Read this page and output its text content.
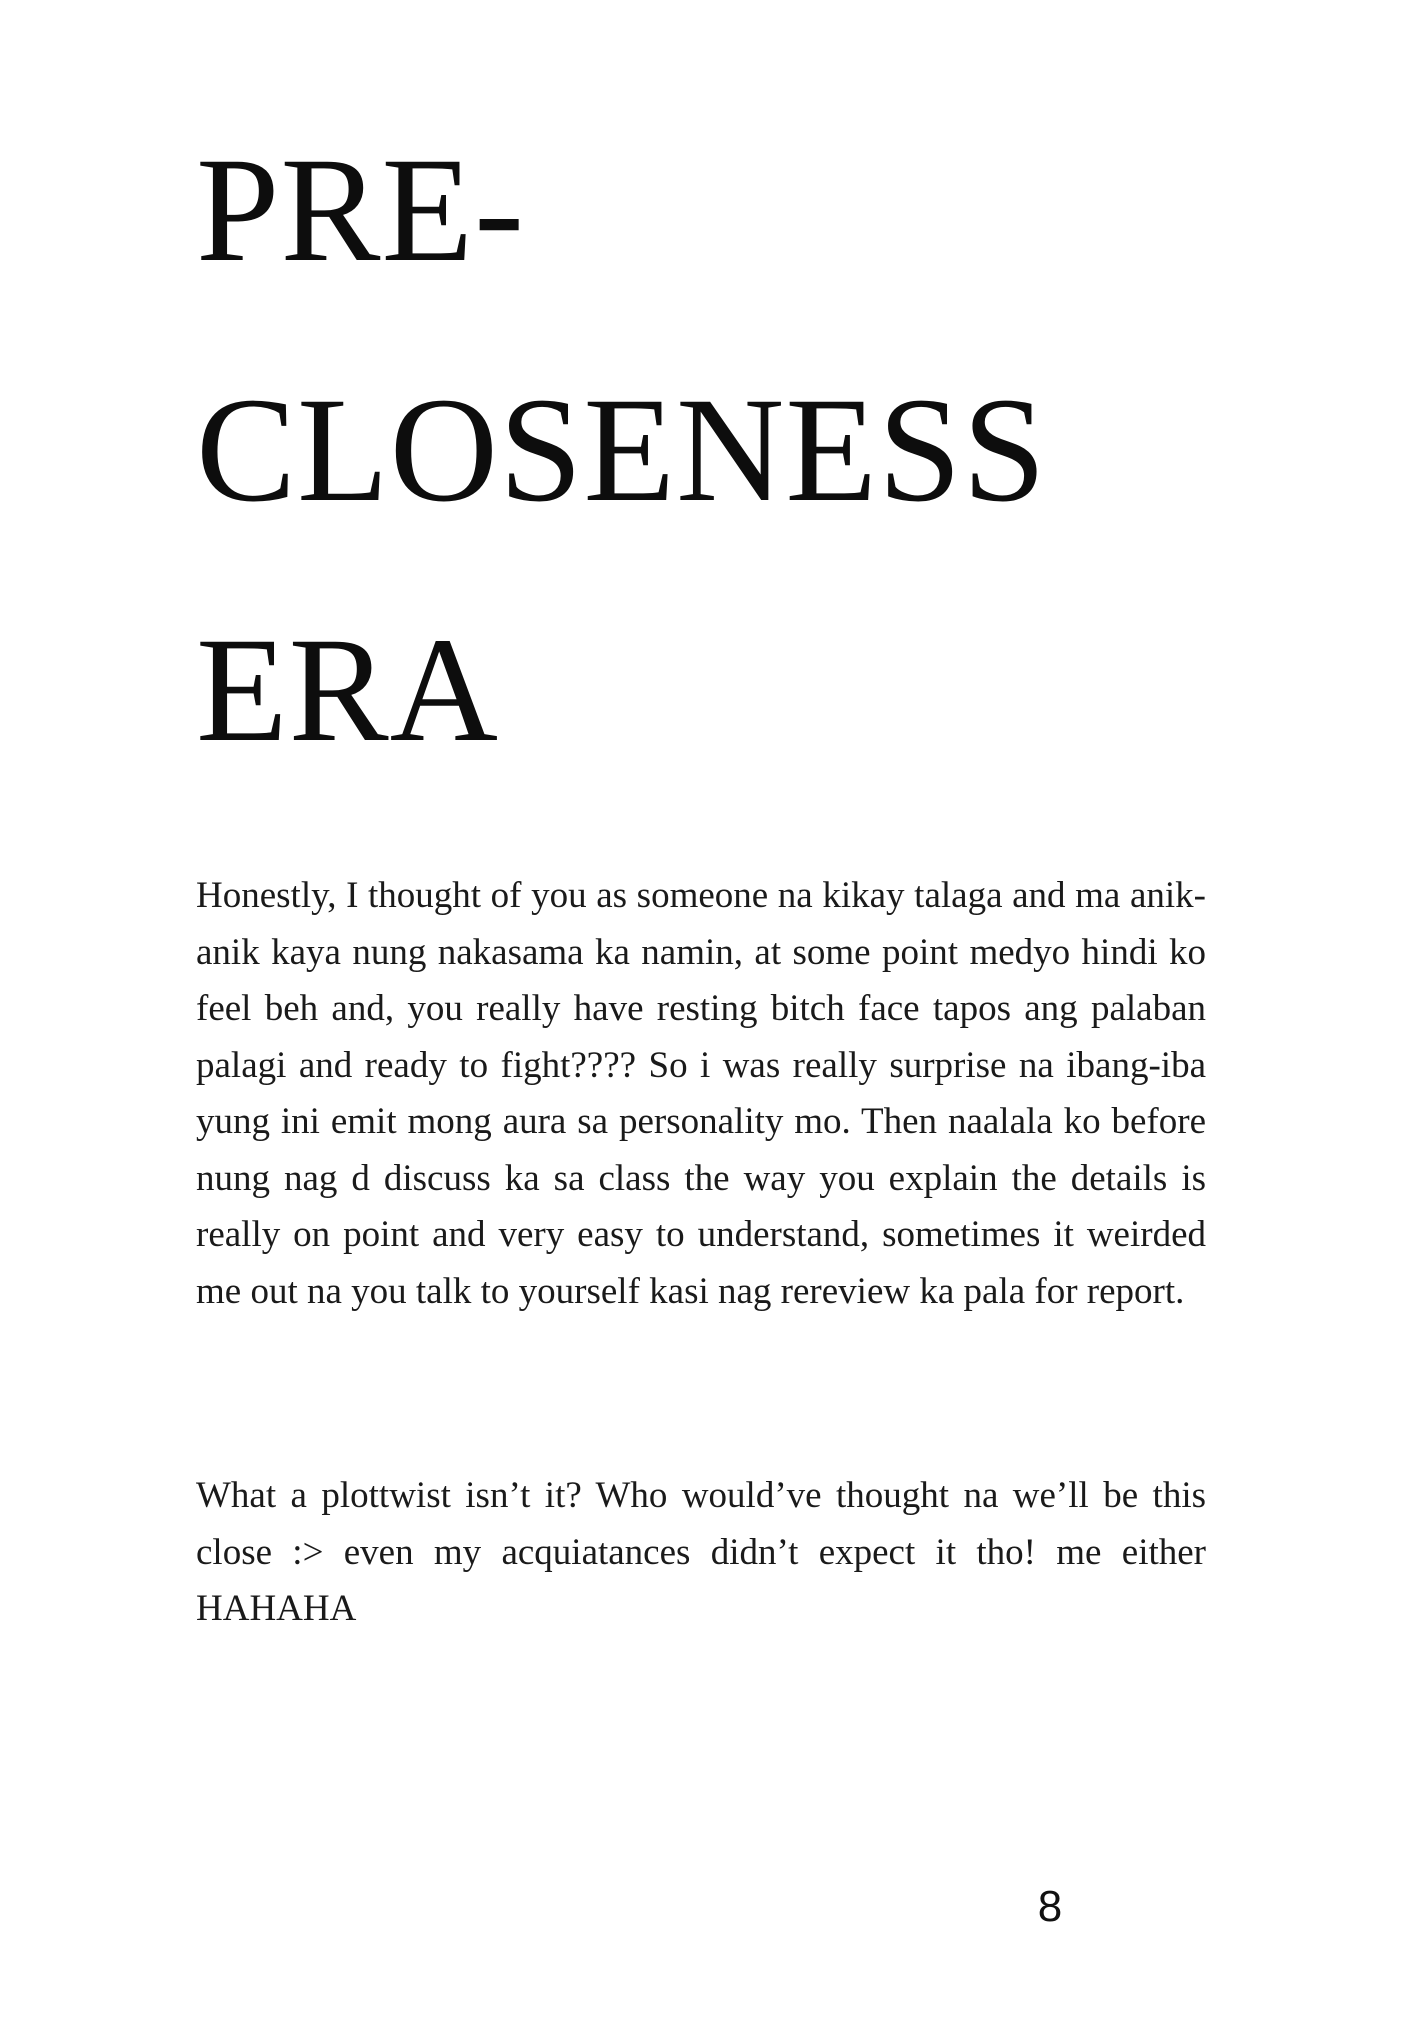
PRE-
CLOSENESS
ERA

Honestly, I thought of you as someone na kikay talaga and ma anik-anik kaya nung nakasama ka namin, at some point medyo hindi ko feel beh and, you really have resting bitch face tapos ang palaban palagi and ready to fight???? So i was really surprise na ibang-iba yung ini emit mong aura sa personality mo. Then naalala ko before nung nag d discuss ka sa class the way you explain the details is really on point and very easy to understand, sometimes it weirded me out na you talk to yourself kasi nag rereview ka pala for report.

What a plottwist isn’t it? Who would’ve thought na we’ll be this close :> even my acquiatances didn’t expect it tho! me either HAHAHA

8
